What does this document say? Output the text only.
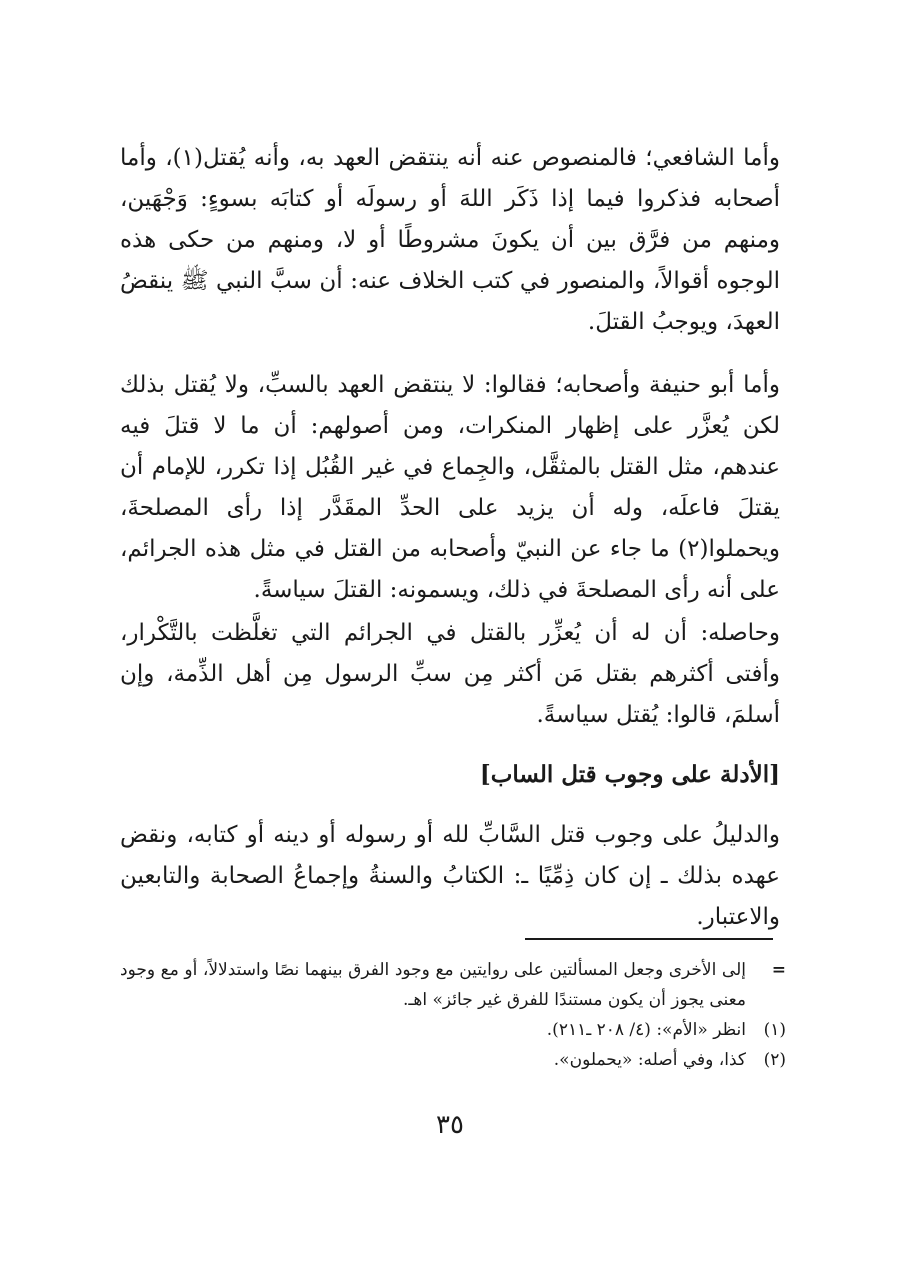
وأما الشافعي؛ فالمنصوص عنه أنه ينتقض العهد به، وأنه يُقتل(١)، وأما أصحابه فذكروا فيما إذا ذَكَر اللهَ أو رسولَه أو كتابَه بسوءٍ: وَجْهَين، ومنهم من فرَّق بين أن يكونَ مشروطًا أو لا، ومنهم من حكى هذه الوجوه أقوالاً، والمنصور في كتب الخلاف عنه: أن سبَّ النبي ﷺ ينقضُ العهدَ، ويوجبُ القتلَ.

وأما أبو حنيفة وأصحابه؛ فقالوا: لا ينتقض العهد بالسبِّ، ولا يُقتل بذلك لكن يُعزَّر على إظهار المنكرات، ومن أصولهم: أن ما لا قتلَ فيه عندهم، مثل القتل بالمثقَّل، والجِماع في غير القُبُل إذا تكرر، للإمام أن يقتلَ فاعلَه، وله أن يزيد على الحدِّ المقَدَّر إذا رأى المصلحةَ، ويحملوا(٢) ما جاء عن النبيّ وأصحابه من القتل في مثل هذه الجرائم، على أنه رأى المصلحةَ في ذلك، ويسمونه: القتلَ سياسةً.

وحاصله: أن له أن يُعزِّر بالقتل في الجرائم التي تغلَّظت بالتَّكْرار، وأفتى أكثرهم بقتل مَن أكثر مِن سبِّ الرسول مِن أهل الذِّمة، وإن أسلمَ، قالوا: يُقتل سياسةً.

[الأدلة على وجوب قتل الساب]

والدليلُ على وجوب قتل السَّابِّ لله أو رسوله أو دينه أو كتابه، ونقض عهده بذلك ـ إن كان ذِمِّيًا ـ: الكتابُ والسنةُ وإجماعُ الصحابة والتابعين والاعتبار.

=
إلى الأخرى وجعل المسألتين على روايتين مع وجود الفرق بينهما نصًا واستدلالاً، أو مع وجود معنى يجوز أن يكون مستندًا للفرق غير جائز» اهـ.
(١)
انظر «الأم»: (٤/ ٢٠٨ ـ٢١١).
(٢)
كذا، وفي أصله: «يحملون».
٣٥
